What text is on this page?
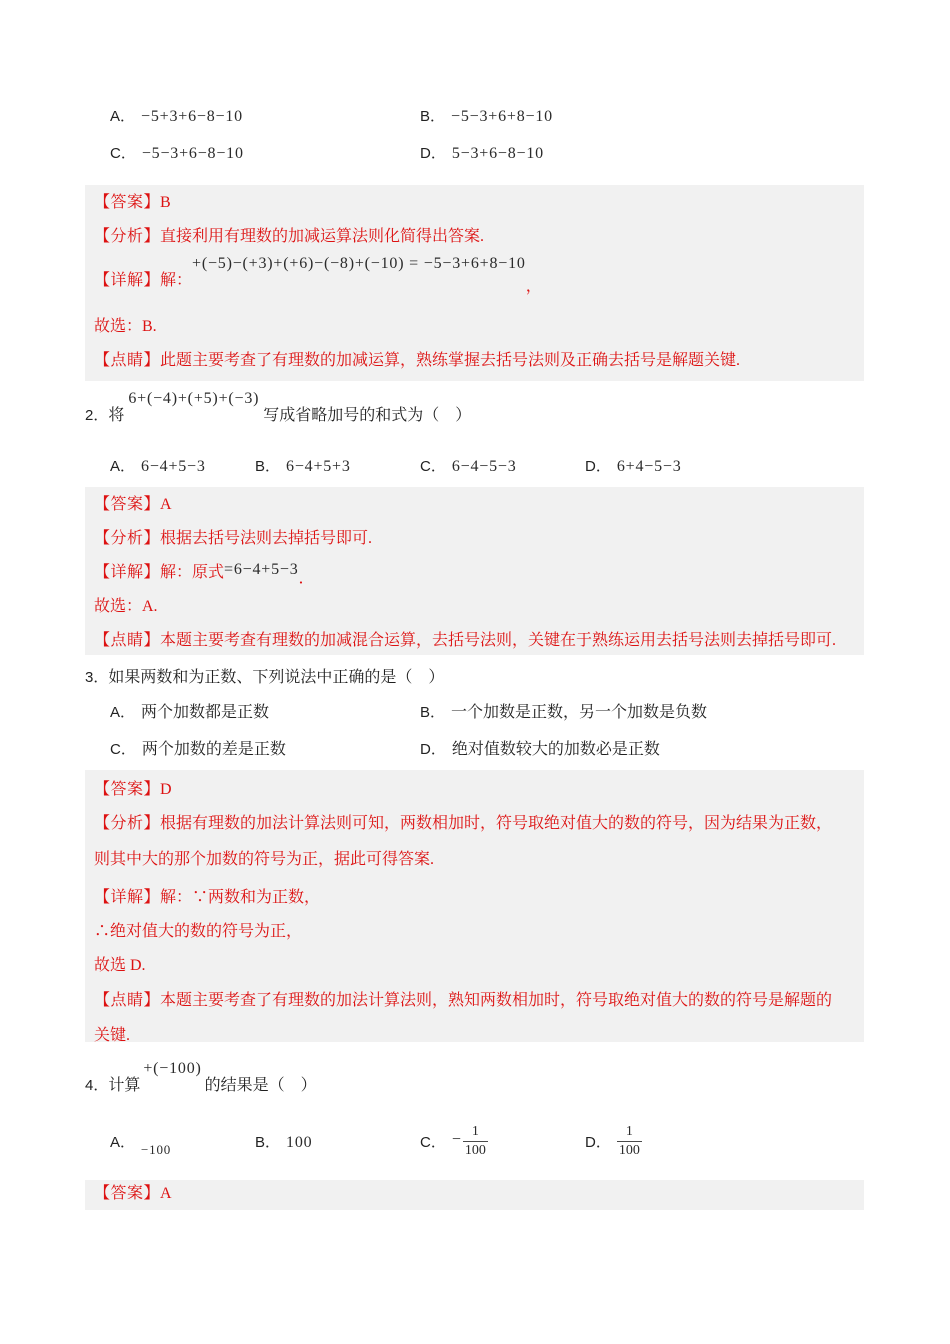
A． −5+3+6−8−10	B． −5−3+6+8−10
C． −5−3+6−8−10	D． 5−3+6−8−10
【答案】B
【分析】直接利用有理数的加减运算法则化简得出答案.
【详解】解：+(−5)−(+3)+(+6)−(−8)+(−10) = −5−3+6+8−10，
故选：B.
【点睛】此题主要考查了有理数的加减运算，熟练掌握去括号法则及正确去括号是解题关键.
2．将6+(−4)+(+5)+(−3)写成省略加号的和式为（　）
A． 6−4+5−3	B． 6−4+5+3	C． 6−4−5−3	D． 6+4−5−3
【答案】A
【分析】根据去括号法则去掉括号即可.
【详解】解：原式=6−4+5−3．
故选：A.
【点睛】本题主要考查有理数的加减混合运算，去括号法则，关键在于熟练运用去括号法则去掉括号即可.
3．如果两数和为正数、下列说法中正确的是（　）
A． 两个加数都是正数	B． 一个加数是正数，另一个加数是负数
C． 两个加数的差是正数	D． 绝对值数较大的加数必是正数
【答案】D
【分析】根据有理数的加法计算法则可知，两数相加时，符号取绝对值大的数的符号，因为结果为正数，
则其中大的那个加数的符号为正，据此可得答案.
【详解】解：∵两数和为正数，
∴绝对值大的数的符号为正，
故选 D.
【点睛】本题主要考查了有理数的加法计算法则，熟知两数相加时，符号取绝对值大的数的符号是解题的
关键.
4．计算+(−100)的结果是（　）
A． −100	B． 100	C． − $\frac{1}{100}$	D． $\frac{1}{100}$
【答案】A
